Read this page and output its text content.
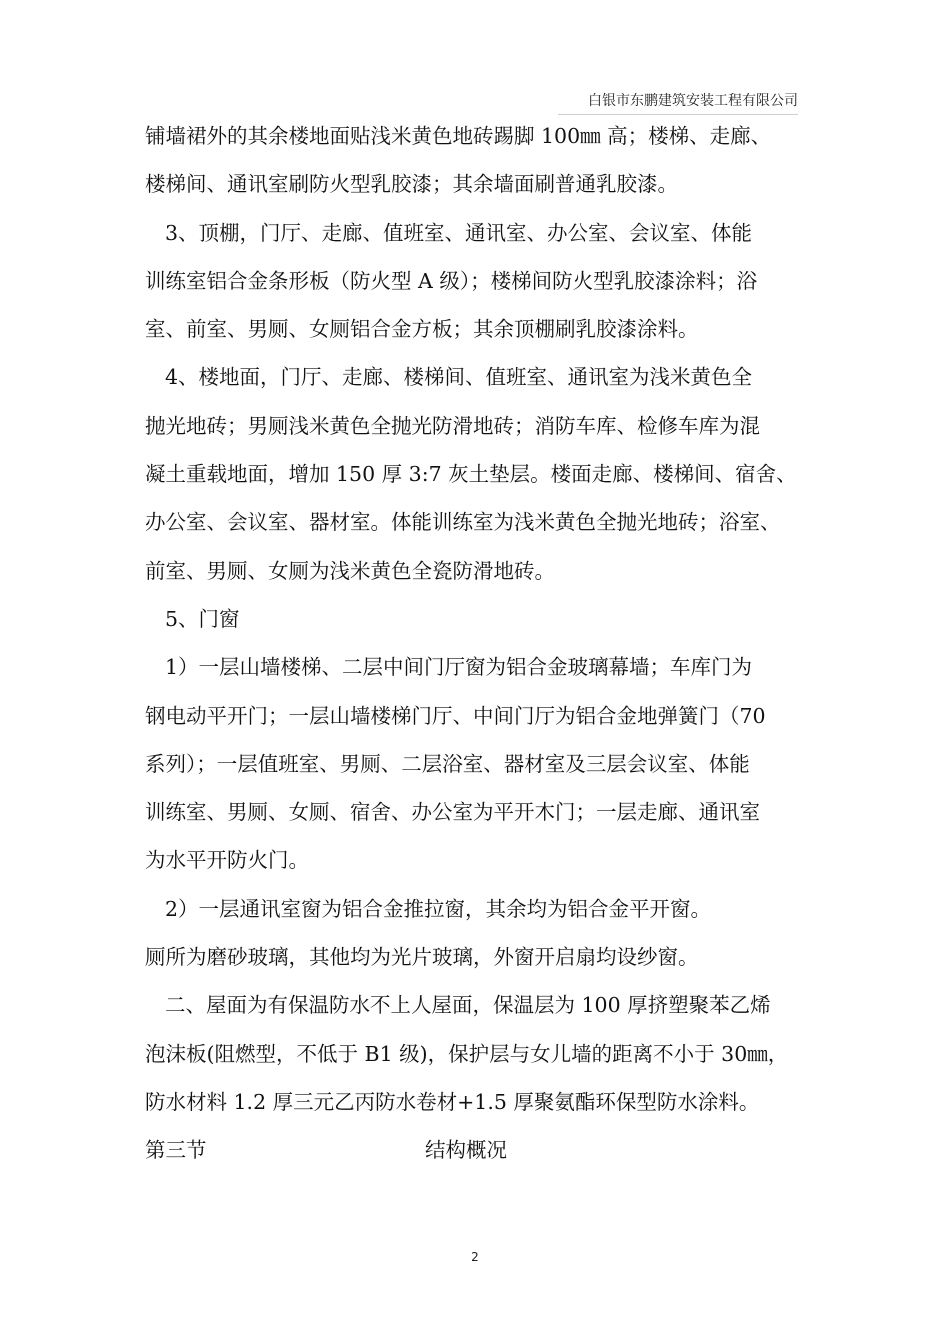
白银市东鹏建筑安装工程有限公司
铺墙裙外的其余楼地面贴浅米黄色地砖踢脚 100㎜ 高；楼梯、走廊、
楼梯间、通讯室刷防火型乳胶漆；其余墙面刷普通乳胶漆。
3、顶棚，门厅、走廊、值班室、通讯室、办公室、会议室、体能
训练室铝合金条形板（防火型 A 级）；楼梯间防火型乳胶漆涂料；浴
室、前室、男厕、女厕铝合金方板；其余顶棚刷乳胶漆涂料。
4、楼地面，门厅、走廊、楼梯间、值班室、通讯室为浅米黄色全
抛光地砖；男厕浅米黄色全抛光防滑地砖；消防车库、检修车库为混
凝土重载地面，增加 150 厚 3:7 灰土垫层。楼面走廊、楼梯间、宿舍、
办公室、会议室、器材室。体能训练室为浅米黄色全抛光地砖；浴室、
前室、男厕、女厕为浅米黄色全瓷防滑地砖。
5、门窗
1）一层山墙楼梯、二层中间门厅窗为铝合金玻璃幕墙；车库门为
钢电动平开门；一层山墙楼梯门厅、中间门厅为铝合金地弹簧门（70
系列）；一层值班室、男厕、二层浴室、器材室及三层会议室、体能
训练室、男厕、女厕、宿舍、办公室为平开木门；一层走廊、通讯室
为水平开防火门。
2）一层通讯室窗为铝合金推拉窗，其余均为铝合金平开窗。
厕所为磨砂玻璃，其他均为光片玻璃，外窗开启扇均设纱窗。
二、屋面为有保温防水不上人屋面，保温层为 100 厚挤塑聚苯乙烯
泡沫板(阻燃型，不低于 B1 级)，保护层与女儿墙的距离不小于 30㎜，
防水材料 1.2 厚三元乙丙防水卷材+1.5 厚聚氨酯环保型防水涂料。
第三节	结构概况
2
